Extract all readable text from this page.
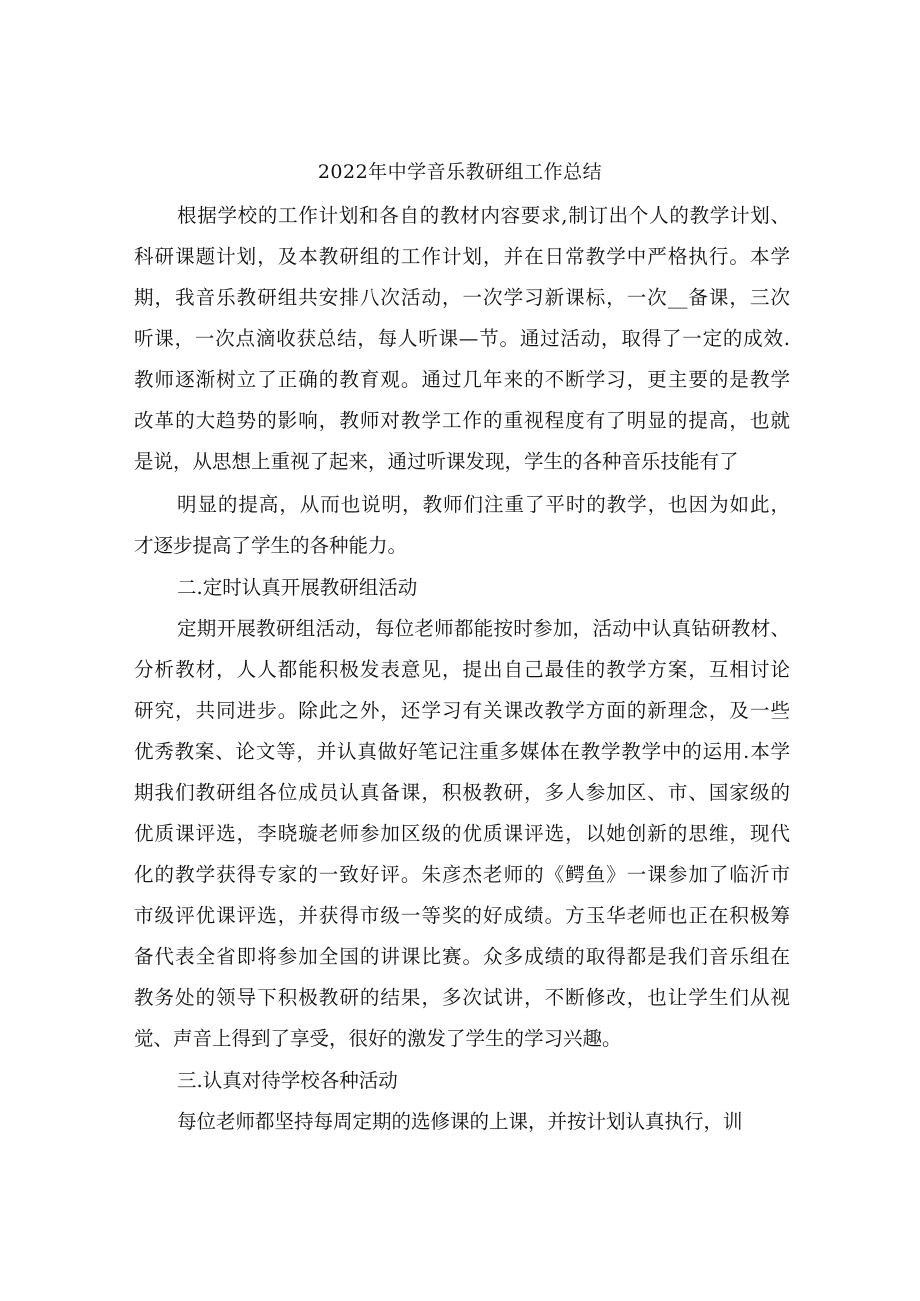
2022年中学音乐教研组工作总结

根据学校的工作计划和各自的教材内容要求,制订出个人的教学计划、

科研课题计划，及本教研组的工作计划，并在日常教学中严格执行。本学

期，我音乐教研组共安排八次活动，一次学习新课标，一次__备课，三次

听课，一次点滴收获总结，每人听课—节。通过活动，取得了一定的成效.

教师逐渐树立了正确的教育观。通过几年来的不断学习，更主要的是教学

改革的大趋势的影响，教师对教学工作的重视程度有了明显的提高，也就

是说，从思想上重视了起来，通过听课发现，学生的各种音乐技能有了

明显的提高，从而也说明，教师们注重了平时的教学，也因为如此，

才逐步提高了学生的各种能力。

二.定时认真开展教研组活动

定期开展教研组活动，每位老师都能按时参加，活动中认真钻研教材、

分析教材，人人都能积极发表意见，提出自己最佳的教学方案，互相讨论

研究，共同进步。除此之外，还学习有关课改教学方面的新理念，及一些

优秀教案、论文等，并认真做好笔记注重多媒体在教学教学中的运用.本学

期我们教研组各位成员认真备课，积极教研，多人参加区、市、国家级的

优质课评选，李晓璇老师参加区级的优质课评选，以她创新的思维，现代

化的教学获得专家的一致好评。朱彦杰老师的《鳄鱼》一课参加了临沂市

市级评优课评选，并获得市级一等奖的好成绩。方玉华老师也正在积极筹

备代表全省即将参加全国的讲课比赛。众多成绩的取得都是我们音乐组在

教务处的领导下积极教研的结果，多次试讲，不断修改，也让学生们从视

觉、声音上得到了享受，很好的激发了学生的学习兴趣。

三.认真对待学校各种活动

每位老师都坚持每周定期的选修课的上课，并按计划认真执行，训
